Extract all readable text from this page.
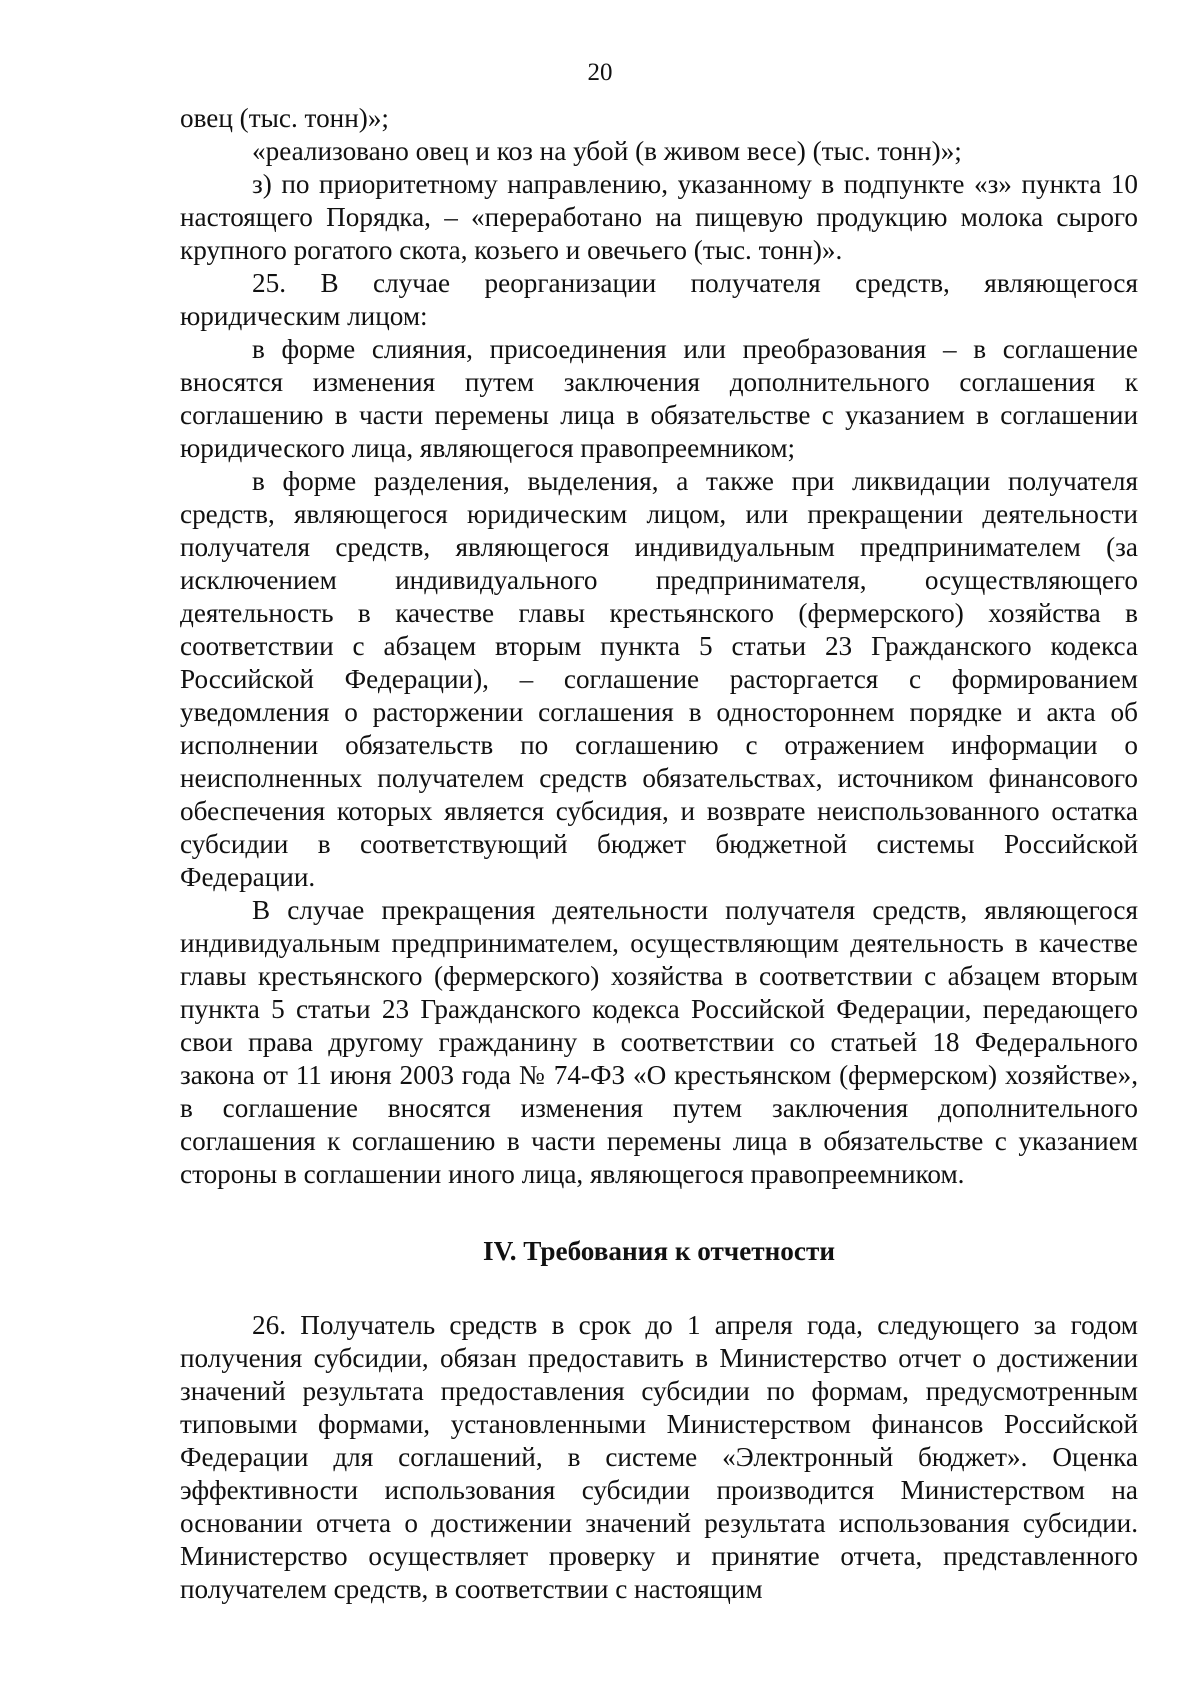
20

овец (тыс. тонн)»;

«реализовано овец и коз на убой (в живом весе) (тыс. тонн)»;

з) по приоритетному направлению, указанному в подпункте «з» пункта 10 настоящего Порядка, – «переработано на пищевую продукцию молока сырого крупного рогатого скота, козьего и овечьего (тыс. тонн)».

25. В случае реорганизации получателя средств, являющегося юридическим лицом:

в форме слияния, присоединения или преобразования – в соглашение вносятся изменения путем заключения дополнительного соглашения к соглашению в части перемены лица в обязательстве с указанием в соглашении юридического лица, являющегося правопреемником;

в форме разделения, выделения, а также при ликвидации получателя средств, являющегося юридическим лицом, или прекращении деятельности получателя средств, являющегося индивидуальным предпринимателем (за исключением индивидуального предпринимателя, осуществляющего деятельность в качестве главы крестьянского (фермерского) хозяйства в соответствии с абзацем вторым пункта 5 статьи 23 Гражданского кодекса Российской Федерации), – соглашение расторгается с формированием уведомления о расторжении соглашения в одностороннем порядке и акта об исполнении обязательств по соглашению с отражением информации о неисполненных получателем средств обязательствах, источником финансового обеспечения которых является субсидия, и возврате неиспользованного остатка субсидии в соответствующий бюджет бюджетной системы Российской Федерации.

В случае прекращения деятельности получателя средств, являющегося индивидуальным предпринимателем, осуществляющим деятельность в качестве главы крестьянского (фермерского) хозяйства в соответствии с абзацем вторым пункта 5 статьи 23 Гражданского кодекса Российской Федерации, передающего свои права другому гражданину в соответствии со статьей 18 Федерального закона от 11 июня 2003 года № 74-ФЗ «О крестьянском (фермерском) хозяйстве», в соглашение вносятся изменения путем заключения дополнительного соглашения к соглашению в части перемены лица в обязательстве с указанием стороны в соглашении иного лица, являющегося правопреемником.

IV. Требования к отчетности

26. Получатель средств в срок до 1 апреля года, следующего за годом получения субсидии, обязан предоставить в Министерство отчет о достижении значений результата предоставления субсидии по формам, предусмотренным типовыми формами, установленными Министерством финансов Российской Федерации для соглашений, в системе «Электронный бюджет». Оценка эффективности использования субсидии производится Министерством на основании отчета о достижении значений результата использования субсидии. Министерство осуществляет проверку и принятие отчета, представленного получателем средств, в соответствии с настоящим
